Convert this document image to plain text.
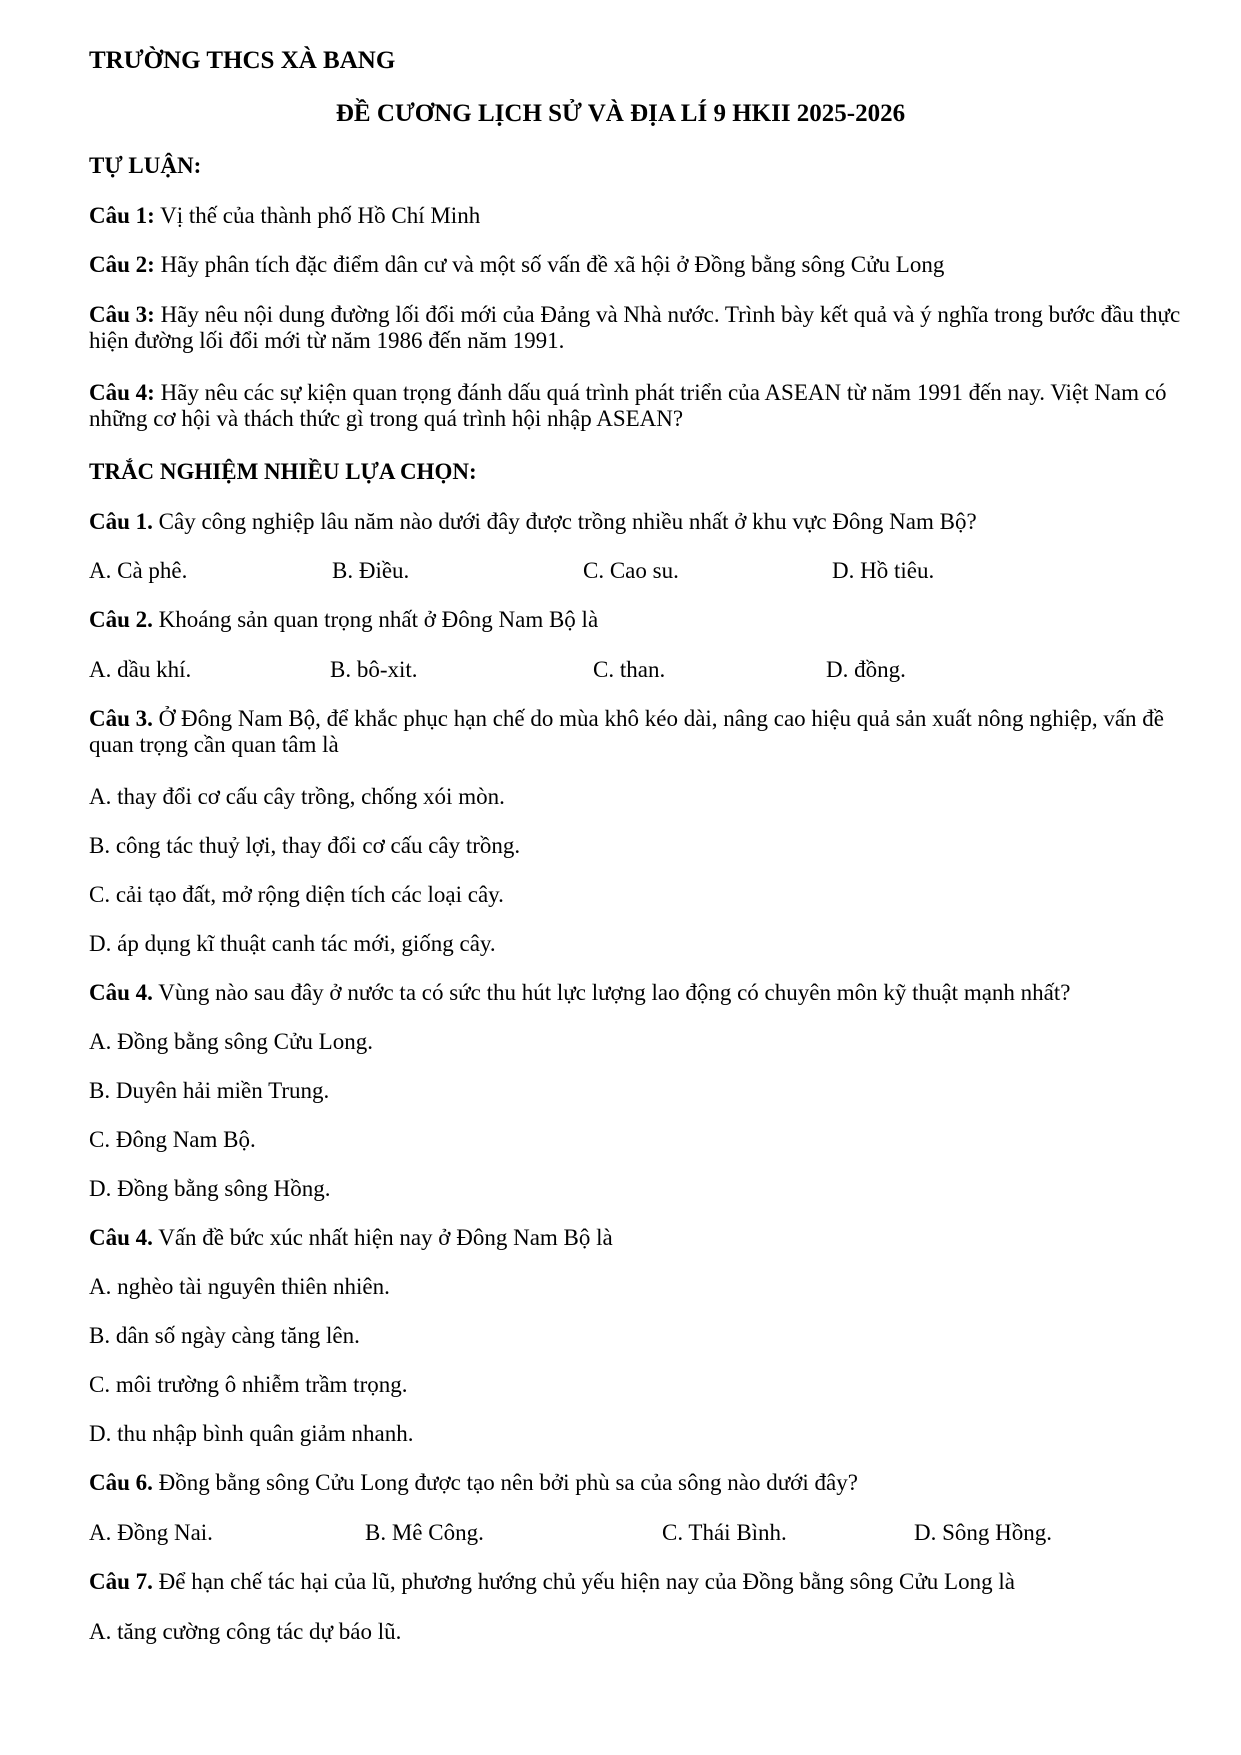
TRƯỜNG THCS XÀ BANG
ĐỀ CƯƠNG LỊCH SỬ VÀ ĐỊA LÍ 9 HKII 2025-2026
TỰ LUẬN:
Câu 1: Vị thế của thành phố Hồ Chí Minh
Câu 2: Hãy phân tích đặc điểm dân cư và một số vấn đề xã hội ở Đồng bằng sông Cửu Long
Câu 3: Hãy nêu nội dung đường lối đổi mới của Đảng và Nhà nước. Trình bày kết quả và ý nghĩa trong bước đầu thực hiện đường lối đổi mới từ năm 1986 đến năm 1991.
Câu 4: Hãy nêu các sự kiện quan trọng đánh dấu quá trình phát triển của ASEAN từ năm 1991 đến nay. Việt Nam có những cơ hội và thách thức gì trong quá trình hội nhập ASEAN?
TRẮC NGHIỆM NHIỀU LỰA CHỌN:
Câu 1. Cây công nghiệp lâu năm nào dưới đây được trồng nhiều nhất ở khu vực Đông Nam Bộ?
A. Cà phê.	B. Điều.	C. Cao su.	D. Hồ tiêu.
Câu 2. Khoáng sản quan trọng nhất ở Đông Nam Bộ là
A. dầu khí.	B. bô-xit.	C. than.	D. đồng.
Câu 3. Ở Đông Nam Bộ, để khắc phục hạn chế do mùa khô kéo dài, nâng cao hiệu quả sản xuất nông nghiệp, vấn đề quan trọng cần quan tâm là
A. thay đổi cơ cấu cây trồng, chống xói mòn.
B. công tác thuỷ lợi, thay đổi cơ cấu cây trồng.
C. cải tạo đất, mở rộng diện tích các loại cây.
D. áp dụng kĩ thuật canh tác mới, giống cây.
Câu 4. Vùng nào sau đây ở nước ta có sức thu hút lực lượng lao động có chuyên môn kỹ thuật mạnh nhất?
A. Đồng bằng sông Cửu Long.
B. Duyên hải miền Trung.
C. Đông Nam Bộ.
D. Đồng bằng sông Hồng.
Câu 4. Vấn đề bức xúc nhất hiện nay ở Đông Nam Bộ là
A. nghèo tài nguyên thiên nhiên.
B. dân số ngày càng tăng lên.
C. môi trường ô nhiễm trầm trọng.
D. thu nhập bình quân giảm nhanh.
Câu 6. Đồng bằng sông Cửu Long được tạo nên bởi phù sa của sông nào dưới đây?
A. Đồng Nai.	B. Mê Công.	C. Thái Bình.	D. Sông Hồng.
Câu 7. Để hạn chế tác hại của lũ, phương hướng chủ yếu hiện nay của Đồng bằng sông Cửu Long là
A. tăng cường công tác dự báo lũ.
